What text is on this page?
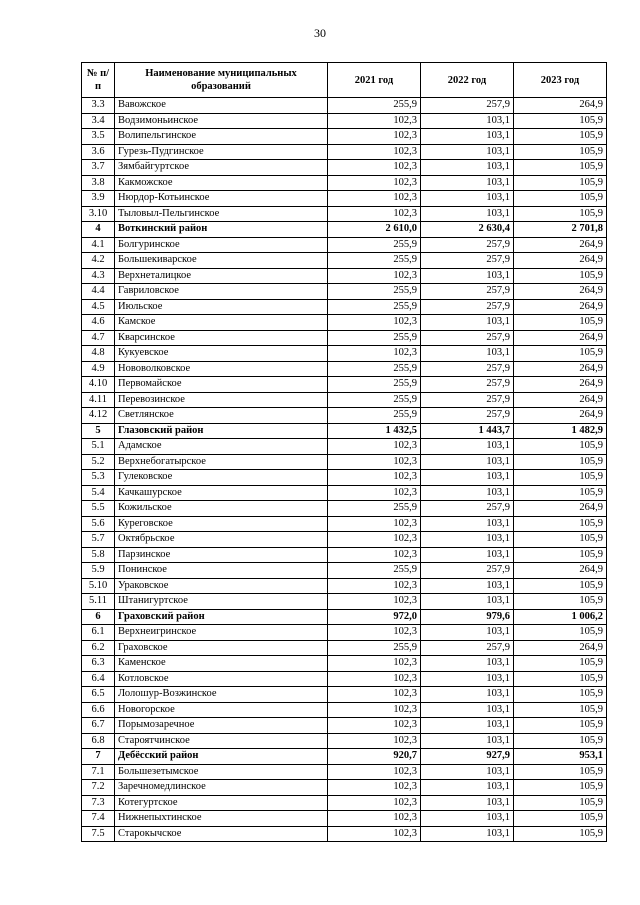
30
№ п/п	Наименование муниципальных образований	2021 год	2022 год	2023 год
3.3	Вавожское	255,9	257,9	264,9
3.4	Водзимоньинское	102,3	103,1	105,9
3.5	Волипельгинское	102,3	103,1	105,9
3.6	Гурезь-Пудгинское	102,3	103,1	105,9
3.7	Зямбайгуртское	102,3	103,1	105,9
3.8	Какможское	102,3	103,1	105,9
3.9	Нюрдор-Котьинское	102,3	103,1	105,9
3.10	Тыловыл-Пельгинское	102,3	103,1	105,9
4	Воткинский район	2 610,0	2 630,4	2 701,8
4.1	Болгуринское	255,9	257,9	264,9
4.2	Большекиварское	255,9	257,9	264,9
4.3	Верхнеталицкое	102,3	103,1	105,9
4.4	Гавриловское	255,9	257,9	264,9
4.5	Июльское	255,9	257,9	264,9
4.6	Камское	102,3	103,1	105,9
4.7	Кварсинское	255,9	257,9	264,9
4.8	Кукуевское	102,3	103,1	105,9
4.9	Нововолковское	255,9	257,9	264,9
4.10	Первомайское	255,9	257,9	264,9
4.11	Перевозинское	255,9	257,9	264,9
4.12	Светлянское	255,9	257,9	264,9
5	Глазовский район	1 432,5	1 443,7	1 482,9
5.1	Адамское	102,3	103,1	105,9
5.2	Верхнебогатырское	102,3	103,1	105,9
5.3	Гулековское	102,3	103,1	105,9
5.4	Качкашурское	102,3	103,1	105,9
5.5	Кожильское	255,9	257,9	264,9
5.6	Куреговское	102,3	103,1	105,9
5.7	Октябрьское	102,3	103,1	105,9
5.8	Парзинское	102,3	103,1	105,9
5.9	Понинское	255,9	257,9	264,9
5.10	Ураковское	102,3	103,1	105,9
5.11	Штанигуртское	102,3	103,1	105,9
6	Граховский район	972,0	979,6	1 006,2
6.1	Верхнеигринское	102,3	103,1	105,9
6.2	Граховское	255,9	257,9	264,9
6.3	Каменское	102,3	103,1	105,9
6.4	Котловское	102,3	103,1	105,9
6.5	Лолошур-Возжинское	102,3	103,1	105,9
6.6	Новогорское	102,3	103,1	105,9
6.7	Порымозаречное	102,3	103,1	105,9
6.8	Староятчинское	102,3	103,1	105,9
7	Дебёсский район	920,7	927,9	953,1
7.1	Большезетымское	102,3	103,1	105,9
7.2	Заречномедлинское	102,3	103,1	105,9
7.3	Котегуртское	102,3	103,1	105,9
7.4	Нижнепыхтинское	102,3	103,1	105,9
7.5	Старокычское	102,3	103,1	105,9
